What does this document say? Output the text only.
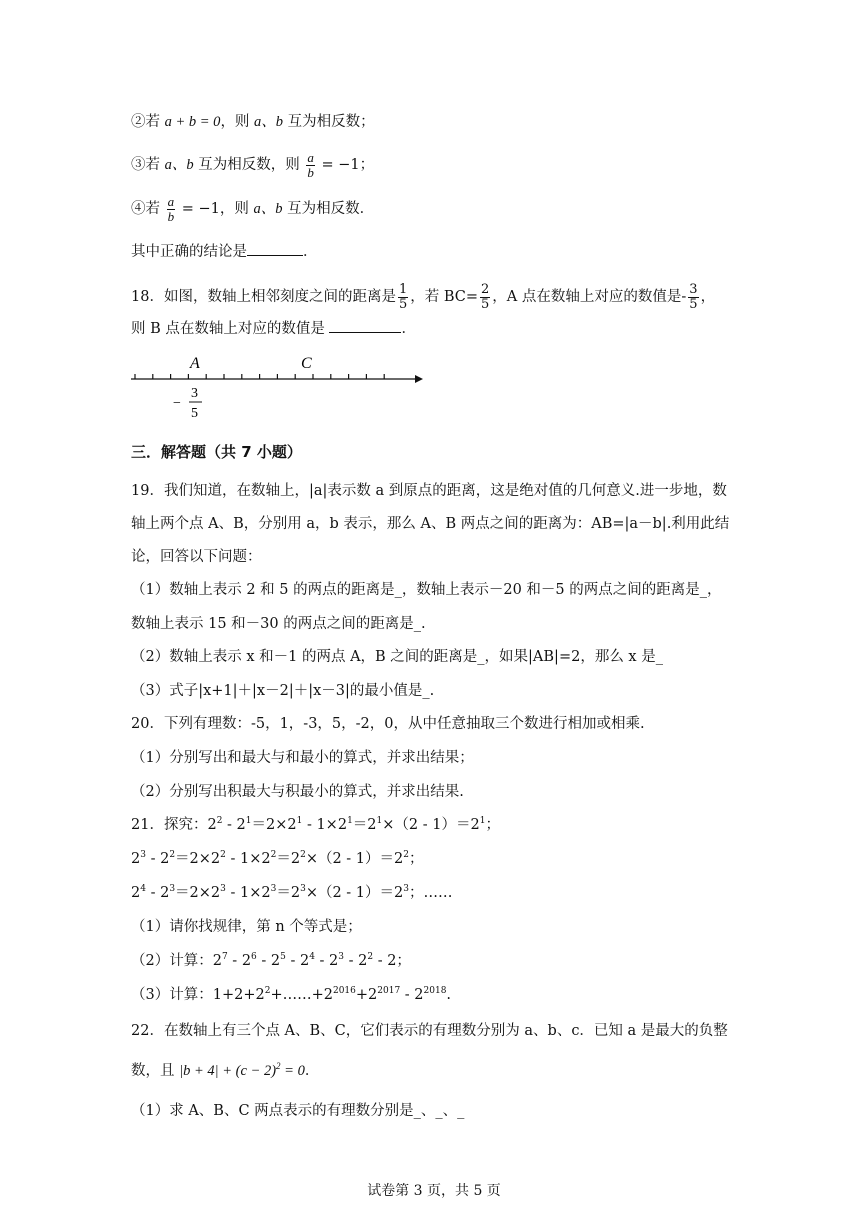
②若 a + b = 0，则 a、b 互为相反数；
③若 a、b 互为相反数，则 $\frac{a}{b} = -1$；
④若 $\frac{a}{b} = -1$，则 a、b 互为相反数．
其中正确的结论是	．
18．如图，数轴上相邻刻度之间的距离是 $\frac{1}{5}$ ，若 $BC= \frac{2}{5}$ ，A 点在数轴上对应的数值是- $\frac{3}{5}$ ，
则 B 点在数轴上对应的数值是	．
A	C
−
3
5
三．解答题（共 7 小题）
19．我们知道，在数轴上，|a|表示数 a 到原点的距离，这是绝对值的几何意义.进一步地，数
轴上两个点 A、B，分别用 a，b 表示，那么 A、B 两点之间的距离为：AB=|a－b|.利用此结
论，回答以下问题：
（1）数轴上表示 2 和 5 的两点的距离是_，数轴上表示－20 和－5 的两点之间的距离是_，
数轴上表示 15 和－30 的两点之间的距离是_.
（2）数轴上表示 x 和－1 的两点 A，B 之间的距离是_，如果|AB|=2，那么 x 是_
（3）式子|x+1|＋|x－2|＋|x－3|的最小值是_.
20．下列有理数：-5，1，-3，5，-2，0，从中任意抽取三个数进行相加或相乘.
（1）分别写出和最大与和最小的算式，并求出结果；
（2）分别写出积最大与积最小的算式，并求出结果.
21．探究：$2^2 - 2^1=2\times 2^1 - 1\times 2^1=2^1\times(2 - 1)=2^1$；
$2^3 - 2^2=2\times 2^2 - 1\times 2^2=2^2\times(2 - 1)=2^2$；
$2^4 - 2^3=2\times 2^3 - 1\times 2^3=2^3\times(2 - 1)=2^3$；……
（1）请你找规律，第 n 个等式是；
（2）计算：$2^7 - 2^6 - 2^5 - 2^4 - 2^3 - 2^2 - 2$；
（3）计算：$1+2+2^2+\dots\dots+2^{2016}+2^{2017} - 2^{2018}$.
22．在数轴上有三个点 A、B、C，它们表示的有理数分别为 a、b、c．已知 a 是最大的负整
数，且 $|b + 4| + (c - 2)^2 = 0$．
（1）求 A、B、C 两点表示的有理数分别是_、_、_
试卷第 3 页，共 5 页
